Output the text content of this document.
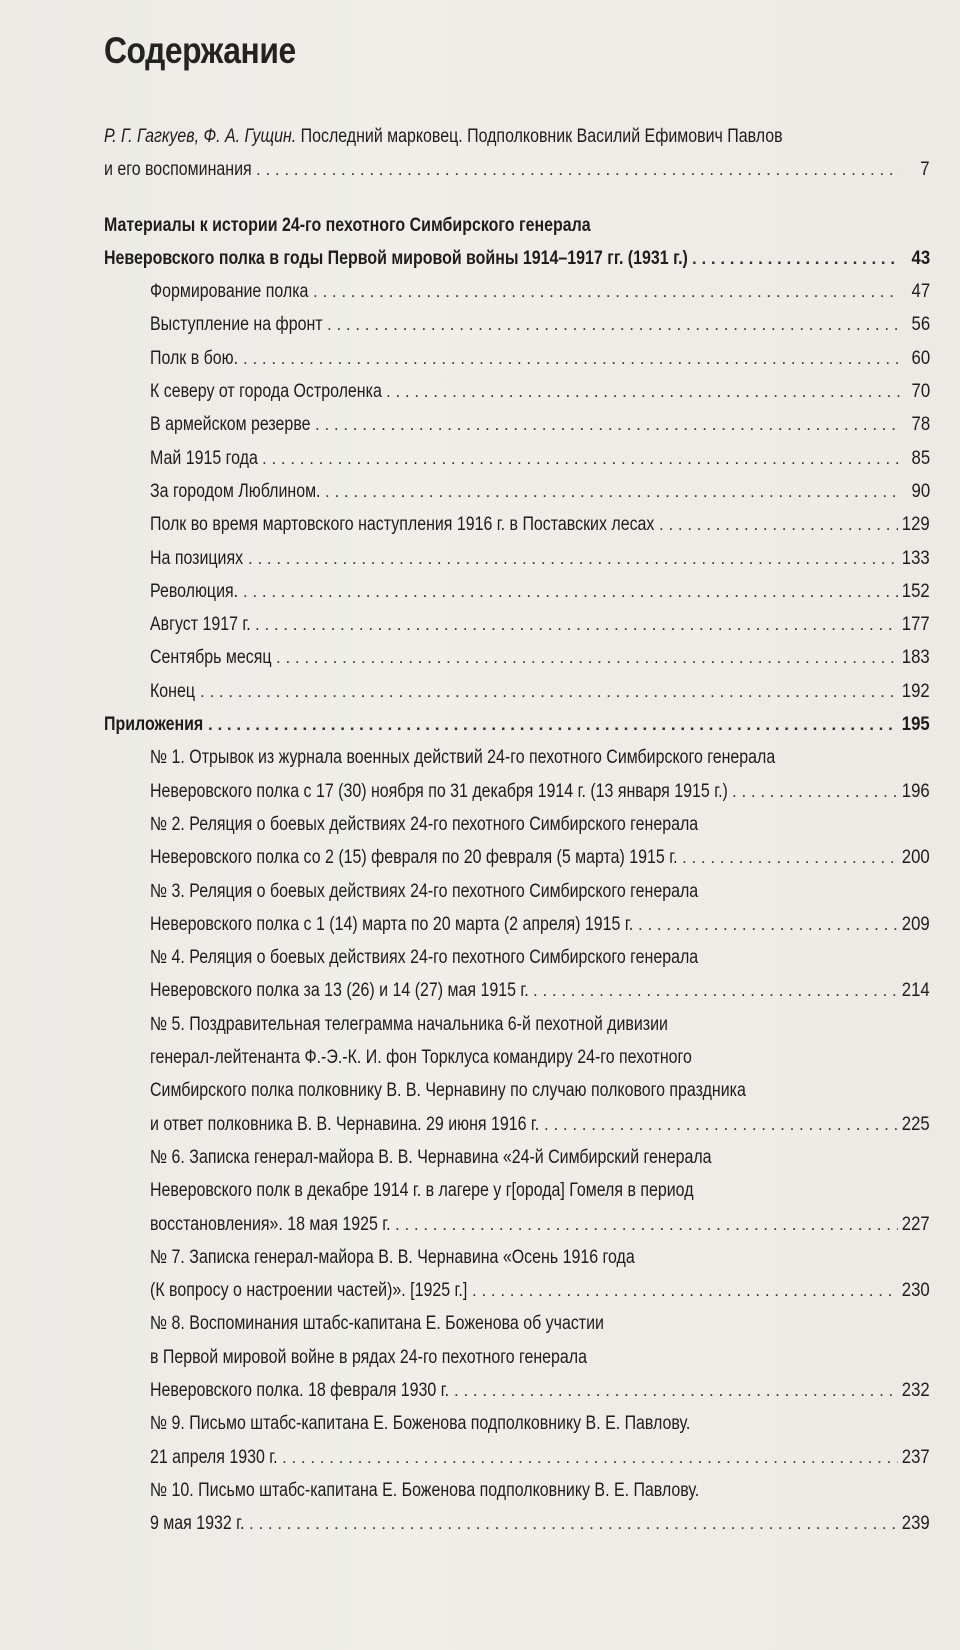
Содержание
Р. Г. Гагкуев, Ф. А. Гущин. Последний марковец. Подполковник Василий Ефимович Павлов
и его воспоминания . . .	7
Материалы к истории 24-го пехотного Симбирского генерала
Неверовского полка в годы Первой мировой войны 1914–1917 гг. (1931 г.) . . .	43
Формирование полка . . .	47
Выступление на фронт . . .	56
Полк в бою. . . .	60
К северу от города Остроленка . . .	70
В армейском резерве . . .	78
Май 1915 года . . .	85
За городом Люблином. . . .	90
Полк во время мартовского наступления 1916 г. в Поставских лесах . . .	129
На позициях . . .	133
Революция. . . .	152
Август 1917 г. . . .	177
Сентябрь месяц . . .	183
Конец . . .	192
Приложения . . .	195
№ 1. Отрывок из журнала военных действий 24-го пехотного Симбирского генерала
Неверовского полка с 17 (30) ноября по 31 декабря 1914 г. (13 января 1915 г.) . . .	196
№ 2. Реляция о боевых действиях 24-го пехотного Симбирского генерала
Неверовского полка со 2 (15) февраля по 20 февраля (5 марта) 1915 г. . . .	200
№ 3. Реляция о боевых действиях 24-го пехотного Симбирского генерала
Неверовского полка с 1 (14) марта по 20 марта (2 апреля) 1915 г. . . .	209
№ 4. Реляция о боевых действиях 24-го пехотного Симбирского генерала
Неверовского полка за 13 (26) и 14 (27) мая 1915 г. . . .	214
№ 5. Поздравительная телеграмма начальника 6-й пехотной дивизии
генерал-лейтенанта Ф.-Э.-К. И. фон Торклуса командиру 24-го пехотного
Симбирского полка полковнику В. В. Чернавину по случаю полкового праздника
и ответ полковника В. В. Чернавина. 29 июня 1916 г. . . .	225
№ 6. Записка генерал-майора В. В. Чернавина «24-й Симбирский генерала
Неверовского полк в декабре 1914 г. в лагере у г[орода] Гомеля в период
восстановления». 18 мая 1925 г. . . .	227
№ 7. Записка генерал-майора В. В. Чернавина «Осень 1916 года
(К вопросу о настроении частей)». [1925 г.] . . .	230
№ 8. Воспоминания штабс-капитана Е. Боженова об участии
в Первой мировой войне в рядах 24-го пехотного генерала
Неверовского полка. 18 февраля 1930 г. . . .	232
№ 9. Письмо штабс-капитана Е. Боженова подполковнику В. Е. Павлову.
21 апреля 1930 г. . . .	237
№ 10. Письмо штабс-капитана Е. Боженова подполковнику В. Е. Павлову.
9 мая 1932 г. . . .	239
